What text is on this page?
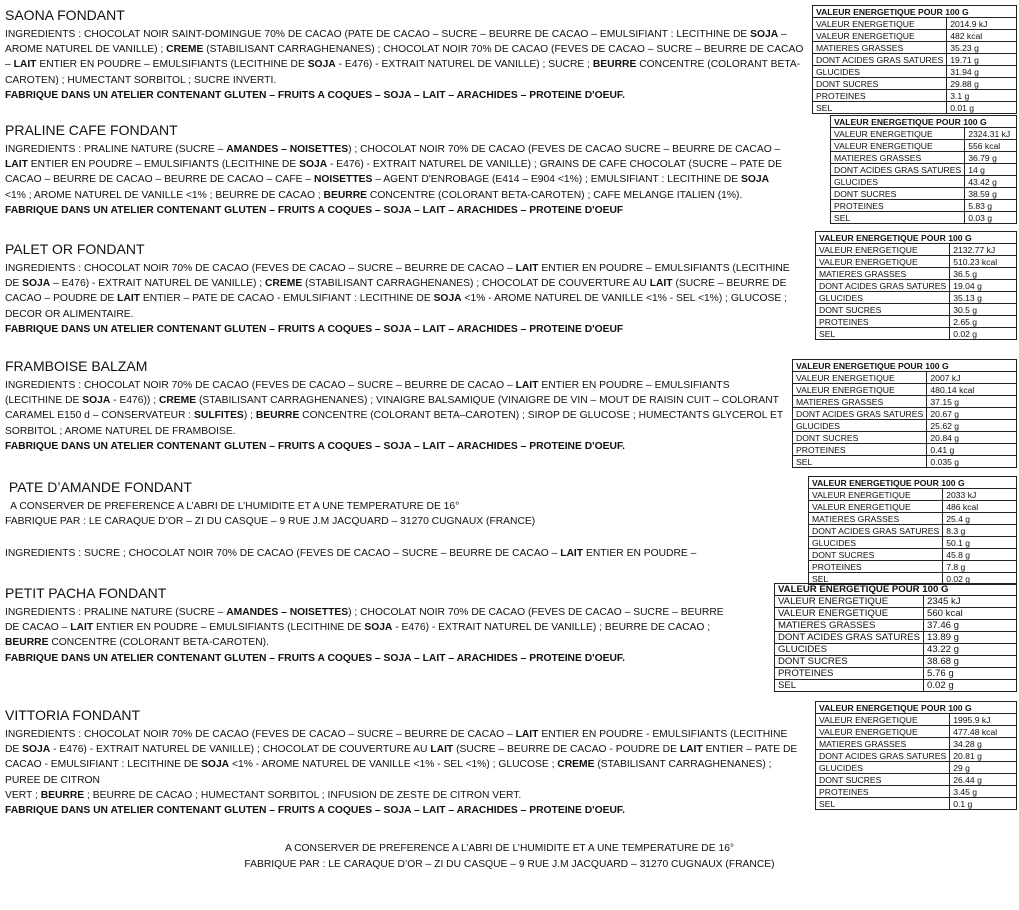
SAONA FONDANT
INGREDIENTS : CHOCOLAT NOIR SAINT-DOMINGUE 70% DE CACAO (PATE DE CACAO – SUCRE – BEURRE DE CACAO – EMULSIFIANT : LECITHINE DE SOJA – AROME NATUREL DE VANILLE) ; CREME (STABILISANT CARRAGHENANES) ; CHOCOLAT NOIR 70% DE CACAO (FEVES DE CACAO – SUCRE – BEURRE DE CACAO – LAIT ENTIER EN POUDRE – EMULSIFIANTS (LECITHINE DE SOJA - E476) - EXTRAIT NATUREL DE VANILLE) ; SUCRE ; BEURRE CONCENTRE (COLORANT BETA-CAROTEN) ; HUMECTANT SORBITOL ; SUCRE INVERTI.
FABRIQUE DANS UN ATELIER CONTENANT GLUTEN – FRUITS A COQUES – SOJA – LAIT – ARACHIDES – PROTEINE D'OEUF.
VALEUR ENERGETIQUE POUR 100 G	
VALEUR ENERGETIQUE	2014.9 kJ
VALEUR ENERGETIQUE	482 kcal
MATIERES GRASSES	35.23 g
DONT ACIDES GRAS SATURES	19.71 g
GLUCIDES	31.94 g
DONT SUCRES	29.88 g
PROTEINES	3.1 g
SEL	0.01 g
PRALINE CAFE FONDANT
INGREDIENTS : PRALINE NATURE (SUCRE – AMANDES – NOISETTES) ; CHOCOLAT NOIR 70% DE CACAO (FEVES DE CACAO SUCRE – BEURRE DE CACAO – LAIT ENTIER EN POUDRE – EMULSIFIANTS (LECITHINE DE SOJA - E476) - EXTRAIT NATUREL DE VANILLE) ; GRAINS DE CAFE CHOCOLAT (SUCRE – PATE DE CACAO – BEURRE DE CACAO – BEURRE DE CACAO – CAFE – NOISETTES – AGENT D'ENROBAGE (E414 – E904 <1%) ; EMULSIFIANT : LECITHINE DE SOJA <1% ; AROME NATUREL DE VANILLE <1% ; BEURRE DE CACAO ; BEURRE CONCENTRE (COLORANT BETA-CAROTEN) ; CAFE MELANGE ITALIEN (1%).
FABRIQUE DANS UN ATELIER CONTENANT GLUTEN – FRUITS A COQUES – SOJA – LAIT – ARACHIDES – PROTEINE D'OEUF
VALEUR ENERGETIQUE POUR 100 G	
VALEUR ENERGETIQUE	2324.31 kJ
VALEUR ENERGETIQUE	556 kcal
MATIERES GRASSES	36.79 g
DONT ACIDES GRAS SATURES	14 g
GLUCIDES	43.42 g
DONT SUCRES	38.59 g
PROTEINES	5.83 g
SEL	0.03 g
PALET OR FONDANT
INGREDIENTS : CHOCOLAT NOIR 70% DE CACAO (FEVES DE CACAO – SUCRE – BEURRE DE CACAO – LAIT ENTIER EN POUDRE – EMULSIFIANTS (LECITHINE DE SOJA – E476) - EXTRAIT NATUREL DE VANILLE) ; CREME (STABILISANT CARRAGHENANES) ; CHOCOLAT DE COUVERTURE AU LAIT (SUCRE – BEURRE DE CACAO – POUDRE DE LAIT ENTIER – PATE DE CACAO - EMULSIFIANT : LECITHINE DE SOJA <1% - AROME NATUREL DE VANILLE <1% - SEL <1%) ; GLUCOSE ; DECOR OR ALIMENTAIRE.
FABRIQUE DANS UN ATELIER CONTENANT GLUTEN – FRUITS A COQUES – SOJA – LAIT – ARACHIDES – PROTEINE D'OEUF
VALEUR ENERGETIQUE POUR 100 G	
VALEUR ENERGETIQUE	2132.77 kJ
VALEUR ENERGETIQUE	510.23 kcal
MATIERES GRASSES	36.5 g
DONT ACIDES GRAS SATURES	19.04 g
GLUCIDES	35.13 g
DONT SUCRES	30.5 g
PROTEINES	2.65 g
SEL	0.02 g
FRAMBOISE BALZAM
INGREDIENTS : CHOCOLAT NOIR 70% DE CACAO (FEVES DE CACAO – SUCRE – BEURRE DE CACAO – LAIT ENTIER EN POUDRE – EMULSIFIANTS (LECITHINE DE SOJA - E476)) ; CREME (STABILISANT CARRAGHENANES) ; VINAIGRE BALSAMIQUE (VINAIGRE DE VIN – MOUT DE RAISIN CUIT – COLORANT CARAMEL E150 d – CONSERVATEUR : SULFITES) ; BEURRE CONCENTRE (COLORANT BETA–CAROTEN) ; SIROP DE GLUCOSE ; HUMECTANTS GLYCEROL ET SORBITOL ; AROME NATUREL DE FRAMBOISE.
FABRIQUE DANS UN ATELIER CONTENANT GLUTEN – FRUITS A COQUES – SOJA – LAIT – ARACHIDES – PROTEINE D'OEUF.
VALEUR ENERGETIQUE POUR 100 G	
VALEUR ENERGETIQUE	2007 kJ
VALEUR ENERGETIQUE	480.14 kcal
MATIERES GRASSES	37.15 g
DONT ACIDES GRAS SATURES	20.67 g
GLUCIDES	25.62 g
DONT SUCRES	20.84 g
PROTEINES	0.41 g
SEL	0.035 g
PATE D’AMANDE FONDANT
A CONSERVER DE PREFERENCE A L’ABRI DE L’HUMIDITE ET A UNE TEMPERATURE DE 16°
FABRIQUE PAR : LE CARAQUE D’OR – ZI DU CASQUE – 9 RUE J.M JACQUARD – 31270 CUGNAUX (FRANCE)
INGREDIENTS : SUCRE ; CHOCOLAT NOIR 70% DE CACAO (FEVES DE CACAO – SUCRE – BEURRE DE CACAO – LAIT ENTIER EN POUDRE –
VALEUR ENERGETIQUE POUR 100 G	
VALEUR ENERGETIQUE	2033 kJ
VALEUR ENERGETIQUE	486 kcal
MATIERES GRASSES	25.4 g
DONT ACIDES GRAS SATURES	8.3 g
GLUCIDES	50.1 g
DONT SUCRES	45.8 g
PROTEINES	7.8 g
SEL	0.02 g
PETIT PACHA FONDANT
INGREDIENTS : PRALINE NATURE (SUCRE – AMANDES – NOISETTES) ; CHOCOLAT NOIR 70% DE CACAO (FEVES DE CACAO – SUCRE – BEURRE DE CACAO – LAIT ENTIER EN POUDRE – EMULSIFIANTS (LECITHINE DE SOJA - E476) - EXTRAIT NATUREL DE VANILLE) ; BEURRE DE CACAO ; BEURRE CONCENTRE (COLORANT BETA-CAROTEN).
FABRIQUE DANS UN ATELIER CONTENANT GLUTEN – FRUITS A COQUES – SOJA – LAIT – ARACHIDES – PROTEINE D'OEUF.
VALEUR ENERGETIQUE POUR 100 G	
VALEUR ENERGETIQUE	2345 kJ
VALEUR ENERGETIQUE	560 kcal
MATIERES GRASSES	37.46 g
DONT ACIDES GRAS SATURES	13.89 g
GLUCIDES	43.22 g
DONT SUCRES	38.68 g
PROTEINES	5.76 g
SEL	0.02 g
VITTORIA FONDANT
INGREDIENTS : CHOCOLAT NOIR 70% DE CACAO (FEVES DE CACAO – SUCRE – BEURRE DE CACAO – LAIT ENTIER EN POUDRE - EMULSIFIANTS (LECITHINE DE SOJA - E476) - EXTRAIT NATUREL DE VANILLE) ; CHOCOLAT DE COUVERTURE AU LAIT (SUCRE – BEURRE DE CACAO - POUDRE DE LAIT ENTIER – PATE DE CACAO - EMULSIFIANT : LECITHINE DE SOJA <1% - AROME NATUREL DE VANILLE <1% - SEL <1%) ; GLUCOSE ; CREME (STABILISANT CARRAGHENANES) ; PUREE DE CITRON
VERT ; BEURRE ; BEURRE DE CACAO ; HUMECTANT SORBITOL ; INFUSION DE ZESTE DE CITRON VERT.
FABRIQUE DANS UN ATELIER CONTENANT GLUTEN – FRUITS A COQUES – SOJA – LAIT – ARACHIDES – PROTEINE D'OEUF.
VALEUR ENERGETIQUE POUR 100 G	
VALEUR ENERGETIQUE	1995.9 kJ
VALEUR ENERGETIQUE	477.48 kcal
MATIERES GRASSES	34.28 g
DONT ACIDES GRAS SATURES	20.81 g
GLUCIDES	29 g
DONT SUCRES	26.44 g
PROTEINES	3.45 g
SEL	0.1 g
A CONSERVER DE PREFERENCE A L’ABRI DE L’HUMIDITE ET A UNE TEMPERATURE DE 16°
FABRIQUE PAR : LE CARAQUE D’OR – ZI DU CASQUE – 9 RUE J.M JACQUARD – 31270 CUGNAUX (FRANCE)
